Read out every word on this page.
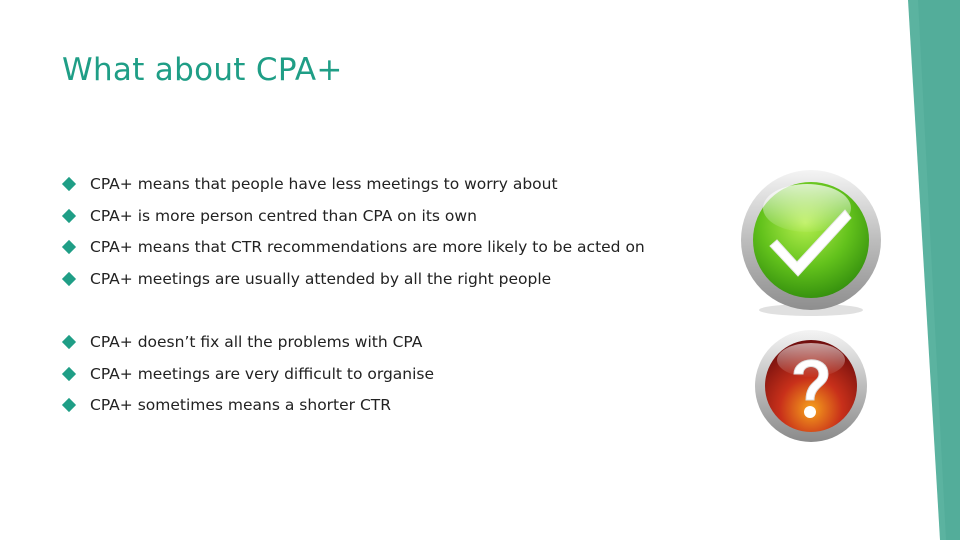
What about CPA+
CPA+ means that people have less meetings to worry about
CPA+ is more person centred than CPA on its own
CPA+ means that CTR recommendations are more likely to be acted on
CPA+ meetings are usually attended by all the right people
CPA+ doesn’t fix all the problems with CPA
CPA+ meetings are very difficult to organise
CPA+ sometimes means a shorter CTR
